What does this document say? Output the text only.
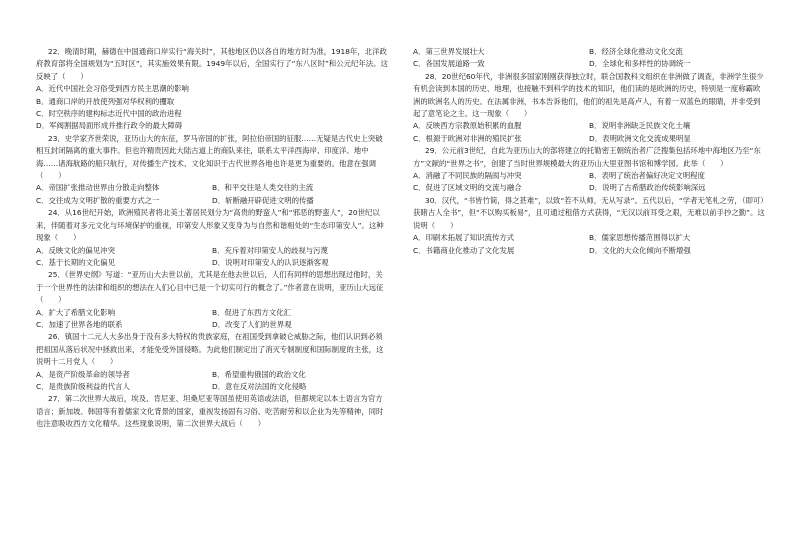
22．晚清时期，赫德在中国通商口岸实行“海关时”，其他地区仍以各自的地方时为准，1918年，北洋政府教育部将全国规划为“五时区”，其实施效果有限。1949年以后，全国实行了“东八区时”和公元纪年法。这反映了（　　）

A．近代中国社会习俗受到西方民主思潮的影响
B．通商口岸的开放使列强对华权利的攫取
C．时空秩序的建构标志近代中国的政治进程
D．军阀割据局面形成并推行政令的最大障碍

23．史学家齐世荣说，亚历山大的东征，罗马帝国的扩张，阿拉伯帝国的征服……无疑是古代史上突破相互封闭隔离的重大事件。但也许精贵因此大陆古道上的商队来往，联系太平洋西海岸、印度洋、地中海……诸海航路的船只航行，对传播生产技术、文化知识于古代世界各地也许是更为重要的。他意在强调（　　）

A．帝国扩张推动世界由分散走向整体	B．和平交往是人类交往的主流
C．交往成为文明扩散的重要方式之一	D．斩断融开辟促进文明的传播

24．从16世纪开始，欧洲殖民者将北美土著居民划分为“高贵的野蛮人”和“邪恶的野蛮人”，20世纪以来，伴随着对多元文化与环境保护的重视，印第安人形象又变身为与自然和谐相处的“生态印第安人”。这种现象（　　）

A．反映文化的偏见冲突	B．充斥着对印第安人的歧视与污蔑
C．基于长期的文化偏见	D．说明对印第安人的认识逐渐客观

25．《世界史纲》写道：“亚历山大去世以前，尤其是在他去世以后，人们有同样的思想出现过他时，关于一个世界性的法律和组织的想法在人们心目中已是一个切实可行的概念了。”作者意在说明，亚历山大远征（　　）

A．扩大了希腊文化影响	B．促进了东西方文化汇
C．加速了世界各地的联系	D．改变了人们的世界观

26．镇国十二元人大多出身于没有多大特权的贵族家庭，在祖国受到拿破仑威胁之际，他们认识到必须把祖国从落后状况中拯救出来，才能免受外国侵略。为此他们制定出了消灭专制制度和国际制度的主张，这说明十二月党人（　　）

A．是资产阶级革命的领导者	B．希望重构俄国的政治文化
C．是贵族阶级利益的代言人	D．意在反对法国的文化侵略

27．第二次世界大战后，埃及、肯尼亚、坦桑尼亚等国虽使用英语或法语，但都规定以本土语言为官方语言；新加坡、韩国等有着儒家文化背景的国家，重视发扬固有习俗、吃苦耐劳和以企业为先等精神，同时也注意吸收西方文化精华。这些现象说明，第二次世界大战后（　　）

A．第三世界发展壮大	B．经济全球化推动文化交流
C．各国发展道路一致	D．全球化和多样性的协调统一

28．20世纪60年代，非洲很多国家刚刚获得独立时，联合国教科文组织在非洲做了调查，非洲学生很少有机会读到本国的历史、地理，也接触不到科学的技术的知识，他们读的是欧洲的历史，特别是一度称霸欧洲的欧洲名人的历史。在法属非洲，书本告诉他们，他们的祖先是高卢人，有着一双蓝色的眼睛，并非受到起了意笔论之主。这一现象（　　）

A．反映西方宗教原始积累的血腥	B．说明非洲缺乏民族文化土壤
C．根源于欧洲对非洲的殖民扩张	D．表明欧洲文化交流成果明显

29．公元前3世纪，自此为亚历山大的部将建立的托勒密王朝统治者广泛搜集包括环地中海地区乃至“东方”文献的“世界之书”，创建了当时世界规模最大的亚历山大里亚图书馆和博学园。此举（　　）

A．消融了不同民族的隔阂与冲突	B．表明了统治者偏好决定文明程度
C．促进了区域文明的交流与融合	D．说明了古希腊政治传统影响深远

30．汉代，“书皆竹简，得之甚难”，以致“若不从师，无从写录”。五代以后，“学者无笔札之劳，（即可）获睹古人全书”，但“不以购买板易”，且可通过租借方式获得，“无汉以前耳受之艰，无难以前手抄之勤”。这说明（　　）

A．印刷术拓展了知识流传方式	B．儒家思想传播范围得以扩大
C．书籍商业化推动了文化发展	D．文化的大众化倾向不断增强
